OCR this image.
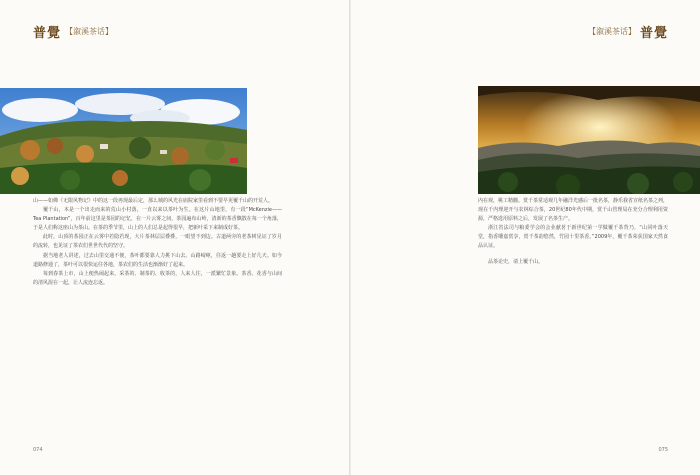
普覺 【溆溪茶话】	【溆溪茶话】 普覺

山——如佛《无限风物记》中的这一段再现最后定，那么城的风光在庙院家里看到不要早更覆千山的开荒人。

覆千山，本是一个出走而来的荒山小村落，一直以来以茶叶为生。在这片山地里，有一段“McKenzie——Tea Plantation”，百年前这里是茶园的记忆，在一片云雾之间，茶园遍布山岭，清新的茶香飘散在每一个角落，于是人们称这座山为茶山。在茶的季节里，山上的人们总是起得很早，把新叶采下来制成好茶。

此时，山顶的茶园正在云雾中若隐若现，大片茶林层层叠叠，一眼望不到边。古道两旁的老茶树见证了岁月的流转，也见证了茶农们世世代代的坚守。

据当地老人讲述，过去山里交通不便，茶叶都要靠人力挑下山去。山路崎岖，往返一趟要走上好几天。如今道路修通了，茶叶可以很快运往各地，茶农们的生活也渐渐好了起来。

每到春茶上市，山上便热闹起来，采茶的、制茶的、收茶的，人来人往，一派繁忙景象。茶香、花香与山间的清风混在一起，让人流连忘返。

内在观，桃工精髓。赏千茶常适观几年融洋光感后一批名茶，静乐我省宣纸名茶之列，现在千内理迎开与农林综合茶，20世纪80年代中期，赏千山管理局在充分合理利用资源，严格选用原料之后，发展了名茶生产。

浙江省法司与粮委学会的会业献茗于新世纪第一学做覆千茶背乃，“山同叶落天堂，指香雕嘉赏享，赏千茶韵悠然，竹园十里茶香。”2009年，覆千茶荣获国家天然食品认证。

品茶论史，请上覆千山。

074	075
